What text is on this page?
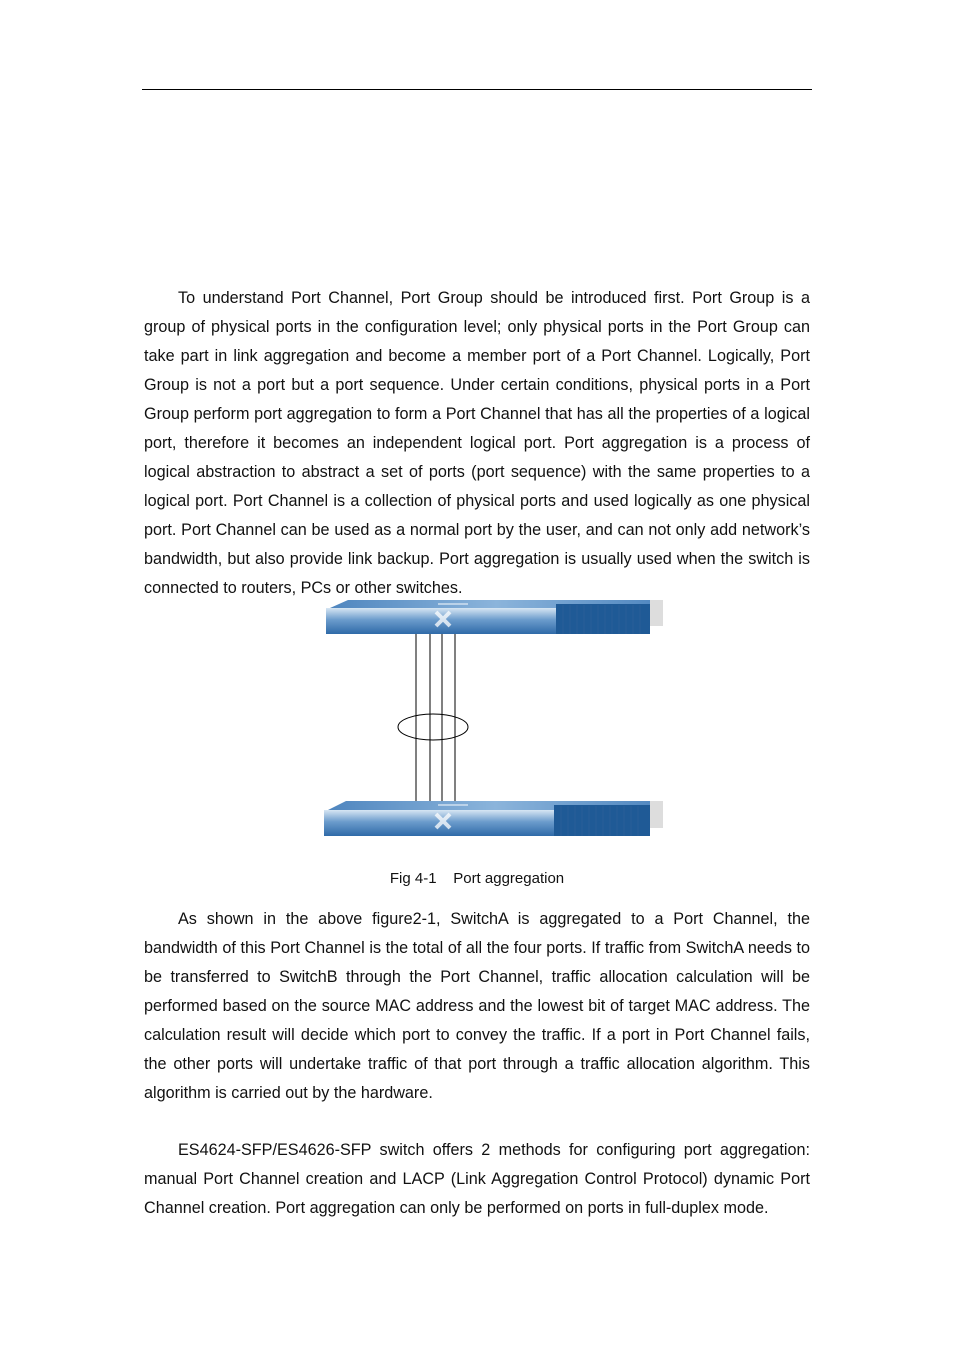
To understand Port Channel, Port Group should be introduced first. Port Group is a group of physical ports in the configuration level; only physical ports in the Port Group can take part in link aggregation and become a member port of a Port Channel. Logically, Port Group is not a port but a port sequence. Under certain conditions, physical ports in a Port Group perform port aggregation to form a Port Channel that has all the properties of a logical port, therefore it becomes an independent logical port. Port aggregation is a process of logical abstraction to abstract a set of ports (port sequence) with the same properties to a logical port. Port Channel is a collection of physical ports and used logically as one physical port. Port Channel can be used as a normal port by the user, and can not only add network’s bandwidth, but also provide link backup. Port aggregation is usually used when the switch is connected to routers, PCs or other switches.

Fig 4-1 Port aggregation

As shown in the above figure2-1, SwitchA is aggregated to a Port Channel, the bandwidth of this Port Channel is the total of all the four ports. If traffic from SwitchA needs to be transferred to SwitchB through the Port Channel, traffic allocation calculation will be performed based on the source MAC address and the lowest bit of target MAC address. The calculation result will decide which port to convey the traffic. If a port in Port Channel fails, the other ports will undertake traffic of that port through a traffic allocation algorithm. This algorithm is carried out by the hardware.

ES4624-SFP/ES4626-SFP switch offers 2 methods for configuring port aggregation: manual Port Channel creation and LACP (Link Aggregation Control Protocol) dynamic Port Channel creation. Port aggregation can only be performed on ports in full-duplex mode.
